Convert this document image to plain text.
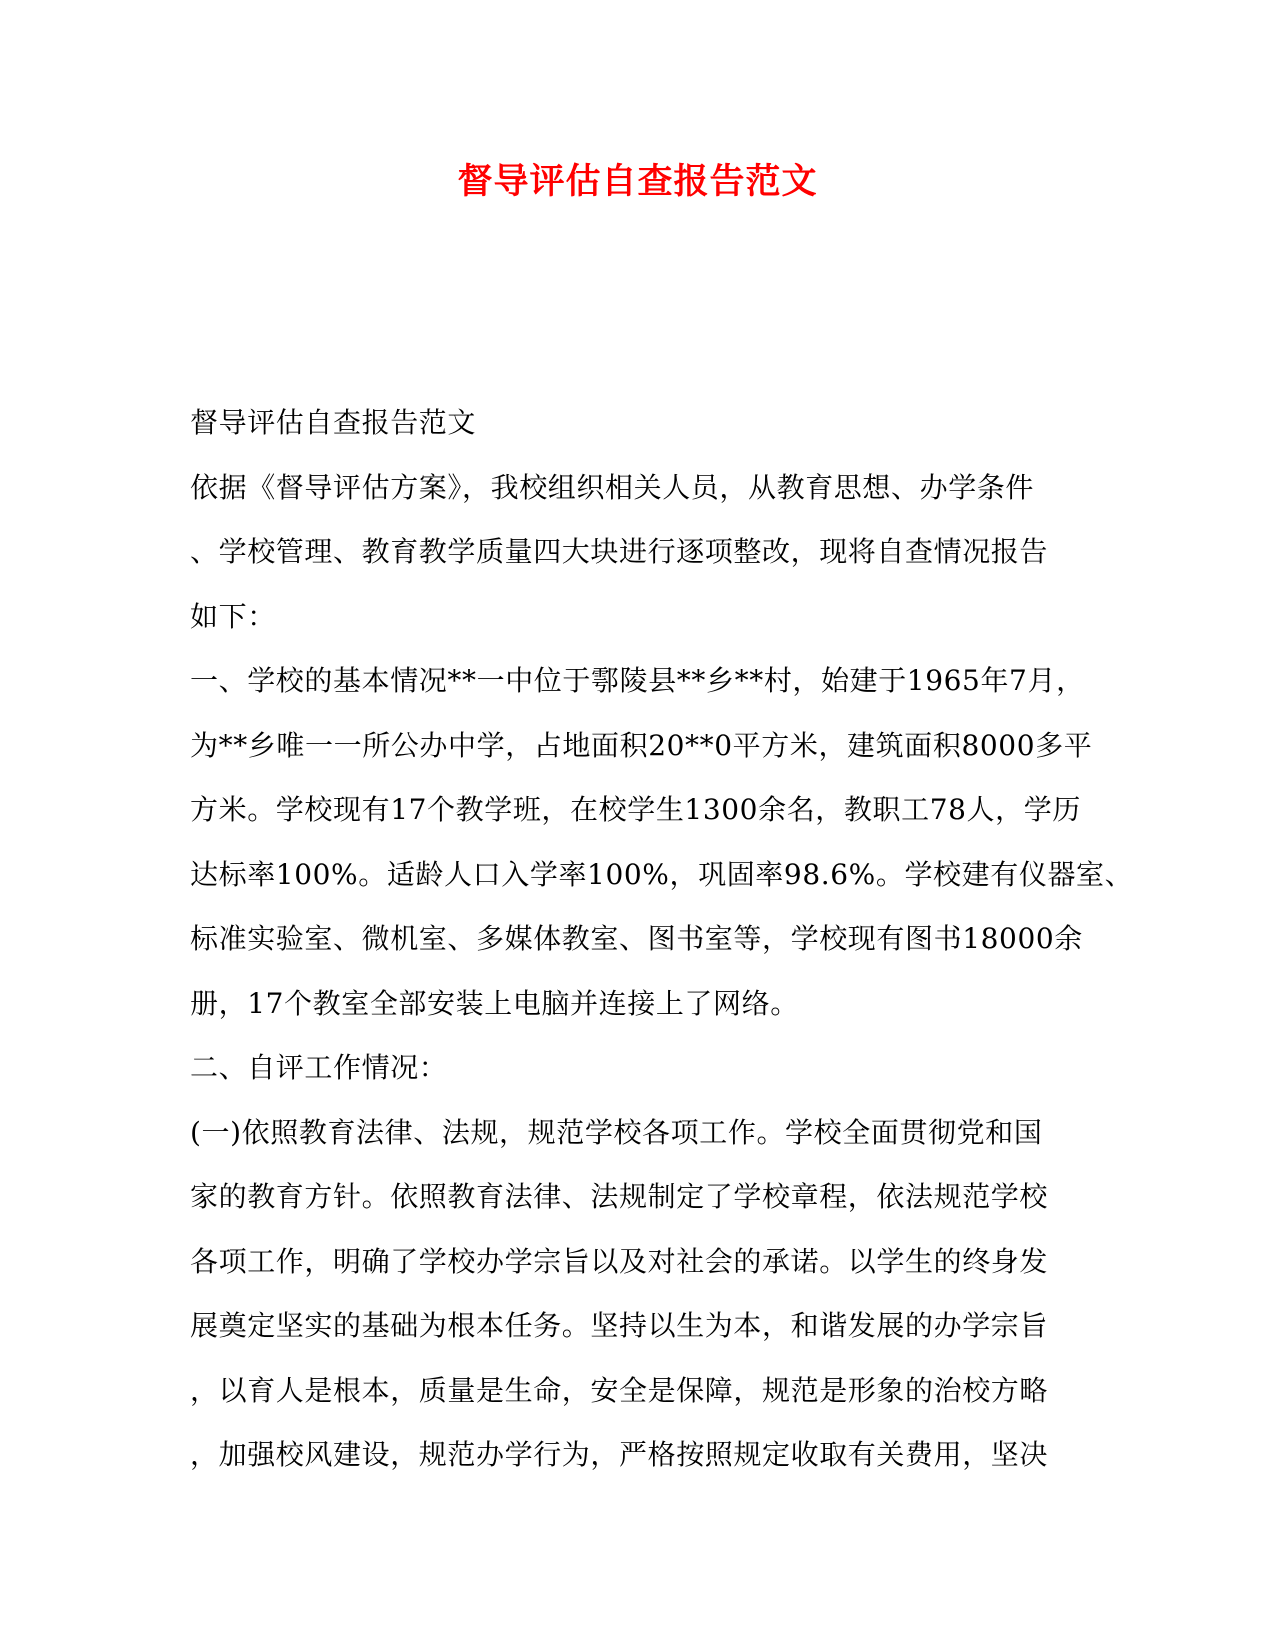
督导评估自查报告范文
督导评估自查报告范文
依据《督导评估方案》，我校组织相关人员，从教育思想、办学条件
、学校管理、教育教学质量四大块进行逐项整改，现将自查情况报告
如下：
一、学校的基本情况**一中位于鄠陵县**乡**村，始建于1965年7月，
为**乡唯一一所公办中学，占地面积20**0平方米，建筑面积8000多平
方米。学校现有17个教学班，在校学生1300余名，教职工78人，学历
达标率100%。适龄人口入学率100%，巩固率98.6%。学校建有仪器室、
标准实验室、微机室、多媒体教室、图书室等，学校现有图书18000余
册，17个教室全部安装上电脑并连接上了网络。
二、自评工作情况：
(一)依照教育法律、法规，规范学校各项工作。学校全面贯彻党和国
家的教育方针。依照教育法律、法规制定了学校章程，依法规范学校
各项工作，明确了学校办学宗旨以及对社会的承诺。以学生的终身发
展奠定坚实的基础为根本任务。坚持以生为本，和谐发展的办学宗旨
，以育人是根本，质量是生命，安全是保障，规范是形象的治校方略
，加强校风建设，规范办学行为，严格按照规定收取有关费用，坚决
